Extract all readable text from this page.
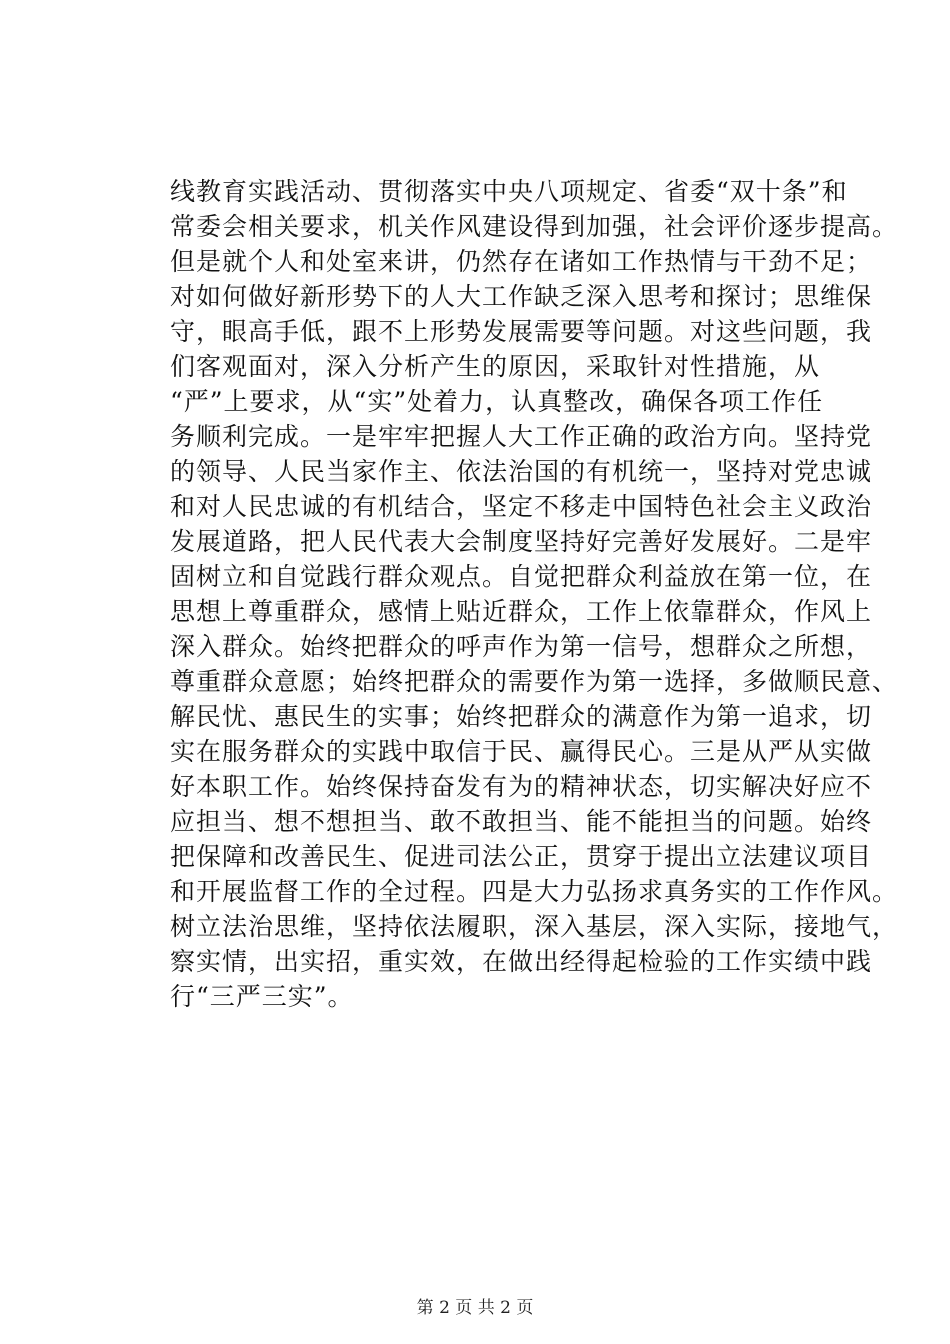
线教育实践活动、贯彻落实中央八项规定、省委“双十条”和
常委会相关要求，机关作风建设得到加强，社会评价逐步提高。
但是就个人和处室来讲，仍然存在诸如工作热情与干劲不足；
对如何做好新形势下的人大工作缺乏深入思考和探讨；思维保
守，眼高手低，跟不上形势发展需要等问题。对这些问题，我
们客观面对，深入分析产生的原因，采取针对性措施，从
“严”上要求，从“实”处着力，认真整改，确保各项工作任
务顺利完成。一是牢牢把握人大工作正确的政治方向。坚持党
的领导、人民当家作主、依法治国的有机统一，坚持对党忠诚
和对人民忠诚的有机结合，坚定不移走中国特色社会主义政治
发展道路，把人民代表大会制度坚持好完善好发展好。二是牢
固树立和自觉践行群众观点。自觉把群众利益放在第一位，在
思想上尊重群众，感情上贴近群众，工作上依靠群众，作风上
深入群众。始终把群众的呼声作为第一信号，想群众之所想，
尊重群众意愿；始终把群众的需要作为第一选择，多做顺民意、
解民忧、惠民生的实事；始终把群众的满意作为第一追求，切
实在服务群众的实践中取信于民、赢得民心。三是从严从实做
好本职工作。始终保持奋发有为的精神状态，切实解决好应不
应担当、想不想担当、敢不敢担当、能不能担当的问题。始终
把保障和改善民生、促进司法公正，贯穿于提出立法建议项目
和开展监督工作的全过程。四是大力弘扬求真务实的工作作风。
树立法治思维，坚持依法履职，深入基层，深入实际，接地气，
察实情，出实招，重实效，在做出经得起检验的工作实绩中践
行“三严三实”。
第 2 页 共 2 页
